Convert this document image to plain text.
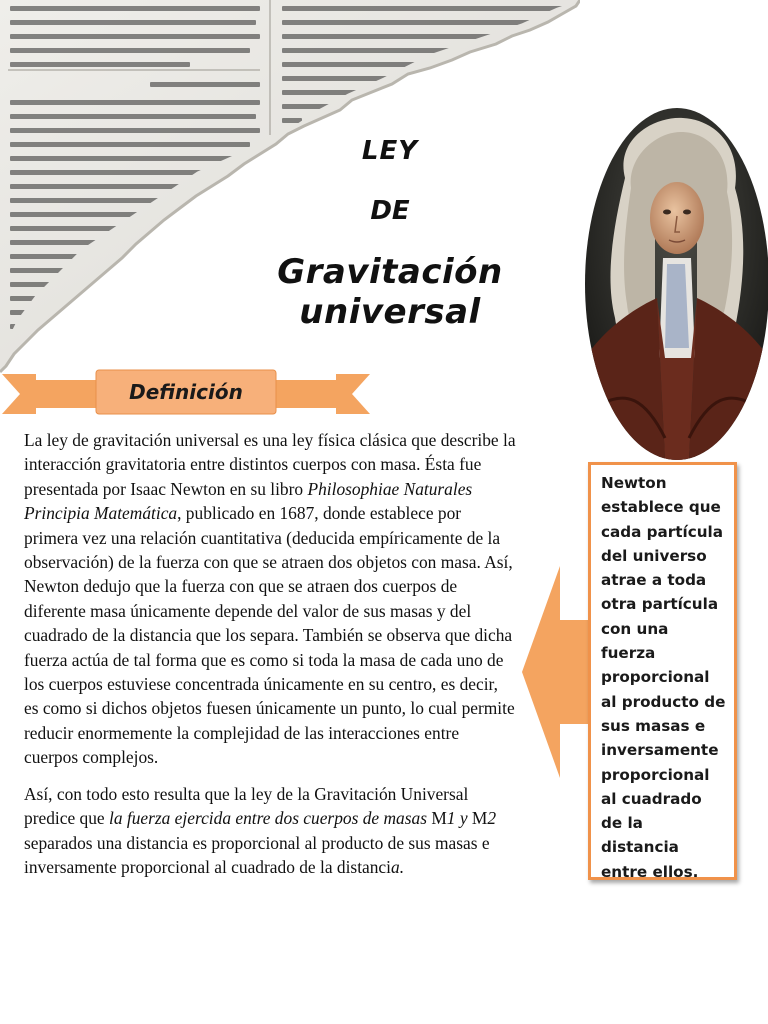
LEY
DE
Gravitación universal
Definición

La ley de gravitación universal es una ley física clásica que describe la interacción gravitatoria entre distintos cuerpos con masa. Ésta fue presentada por Isaac Newton en su libro Philosophiae Naturales Principia Matemática, publicado en 1687, donde establece por primera vez una relación cuantitativa (deducida empíricamente de la observación) de la fuerza con que se atraen dos objetos con masa. Así, Newton dedujo que la fuerza con que se atraen dos cuerpos de diferente masa únicamente depende del valor de sus masas y del cuadrado de la distancia que los separa. También se observa que dicha fuerza actúa de tal forma que es como si toda la masa de cada uno de los cuerpos estuviese concentrada únicamente en su centro, es decir, es como si dichos objetos fuesen únicamente un punto, lo cual permite reducir enormemente la complejidad de las interacciones entre cuerpos complejos.

Así, con todo esto resulta que la ley de la Gravitación Universal predice que la fuerza ejercida entre dos cuerpos de masas M1 y M2 separados una distancia es proporcional al producto de sus masas e inversamente proporcional al cuadrado de la distancia.

Newton establece que cada partícula del universo atrae a toda otra partícula con una fuerza proporcional al producto de sus masas e inversamente proporcional al cuadrado de la distancia entre ellos.
